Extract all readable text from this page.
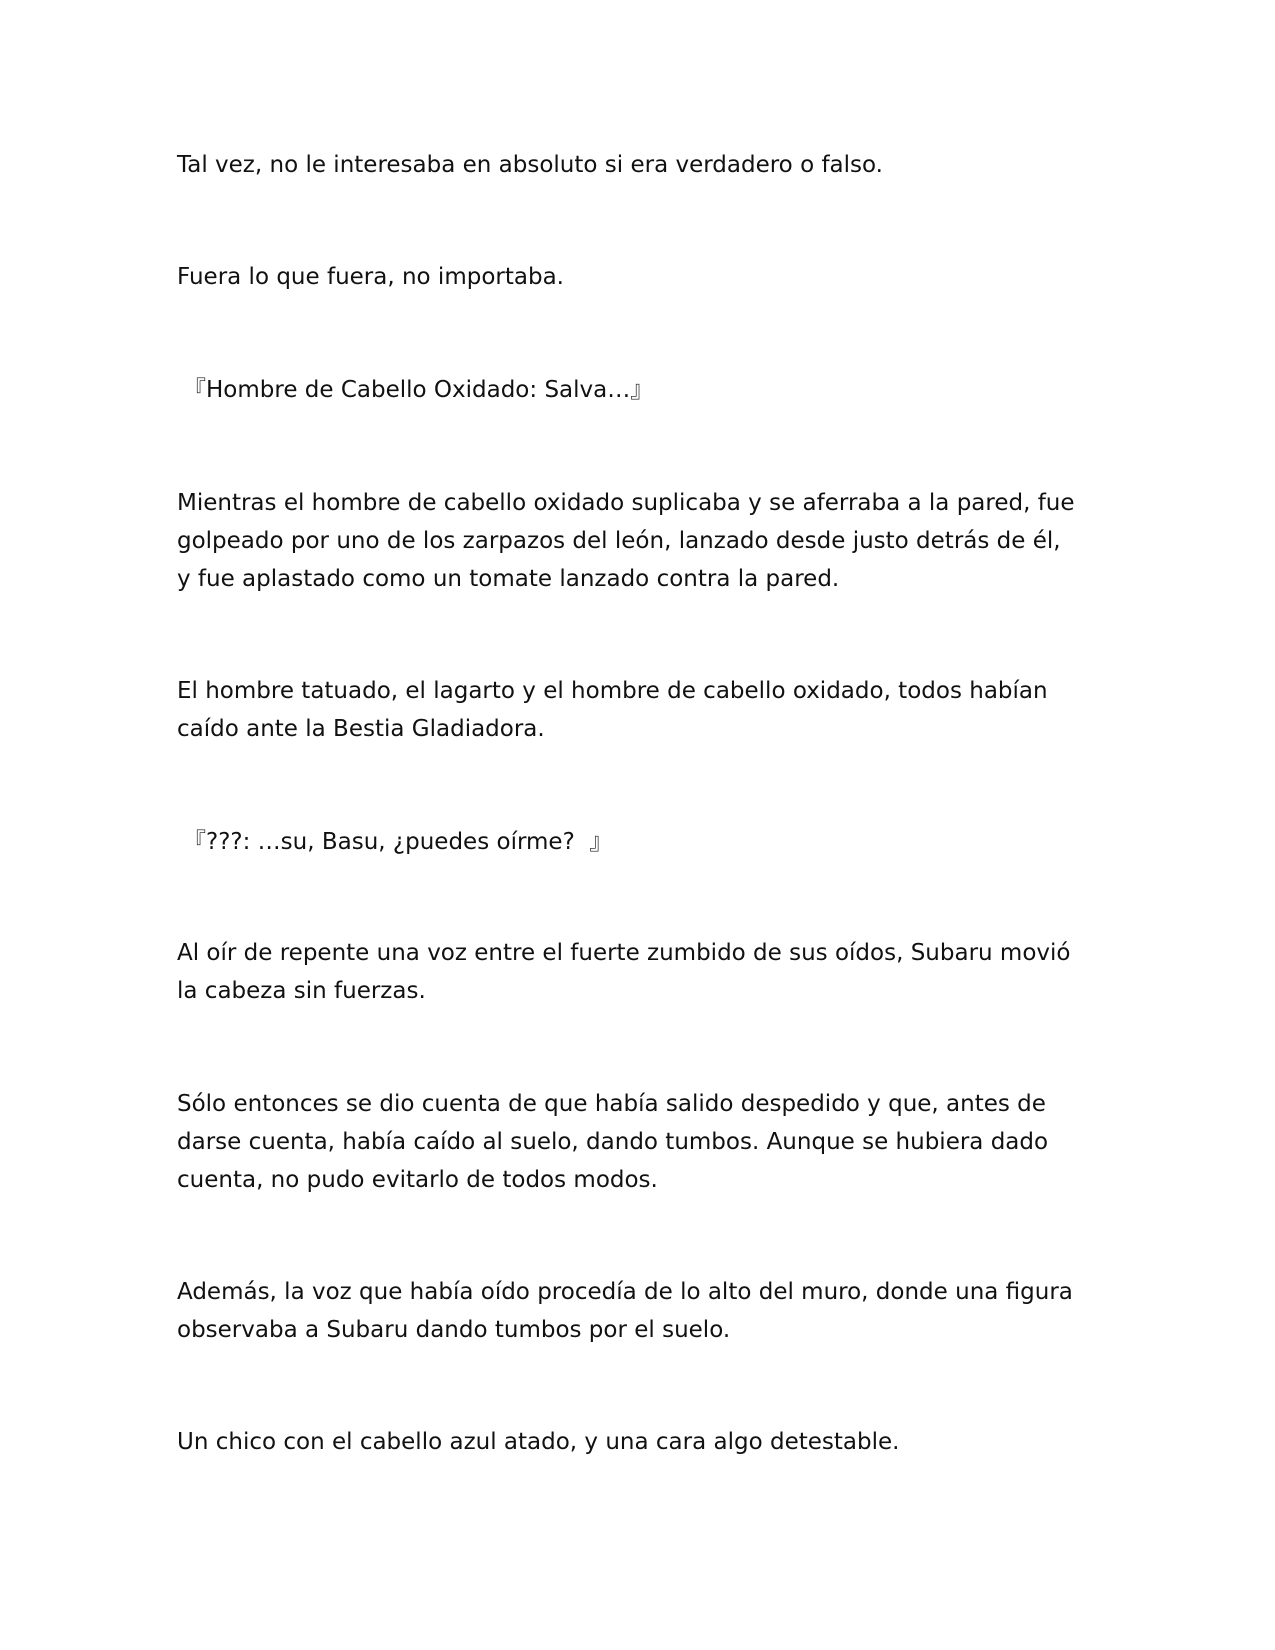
Tal vez, no le interesaba en absoluto si era verdadero o falso.

Fuera lo que fuera, no importaba.

『Hombre de Cabello Oxidado: Salva…』

Mientras el hombre de cabello oxidado suplicaba y se aferraba a la pared, fue
golpeado por uno de los zarpazos del león, lanzado desde justo detrás de él,
y fue aplastado como un tomate lanzado contra la pared.

El hombre tatuado, el lagarto y el hombre de cabello oxidado, todos habían
caído ante la Bestia Gladiadora.

『???: …su, Basu, ¿puedes oírme?  』

Al oír de repente una voz entre el fuerte zumbido de sus oídos, Subaru movió
la cabeza sin fuerzas.

Sólo entonces se dio cuenta de que había salido despedido y que, antes de
darse cuenta, había caído al suelo, dando tumbos. Aunque se hubiera dado
cuenta, no pudo evitarlo de todos modos.

Además, la voz que había oído procedía de lo alto del muro, donde una figura
observaba a Subaru dando tumbos por el suelo.

Un chico con el cabello azul atado, y una cara algo detestable.
